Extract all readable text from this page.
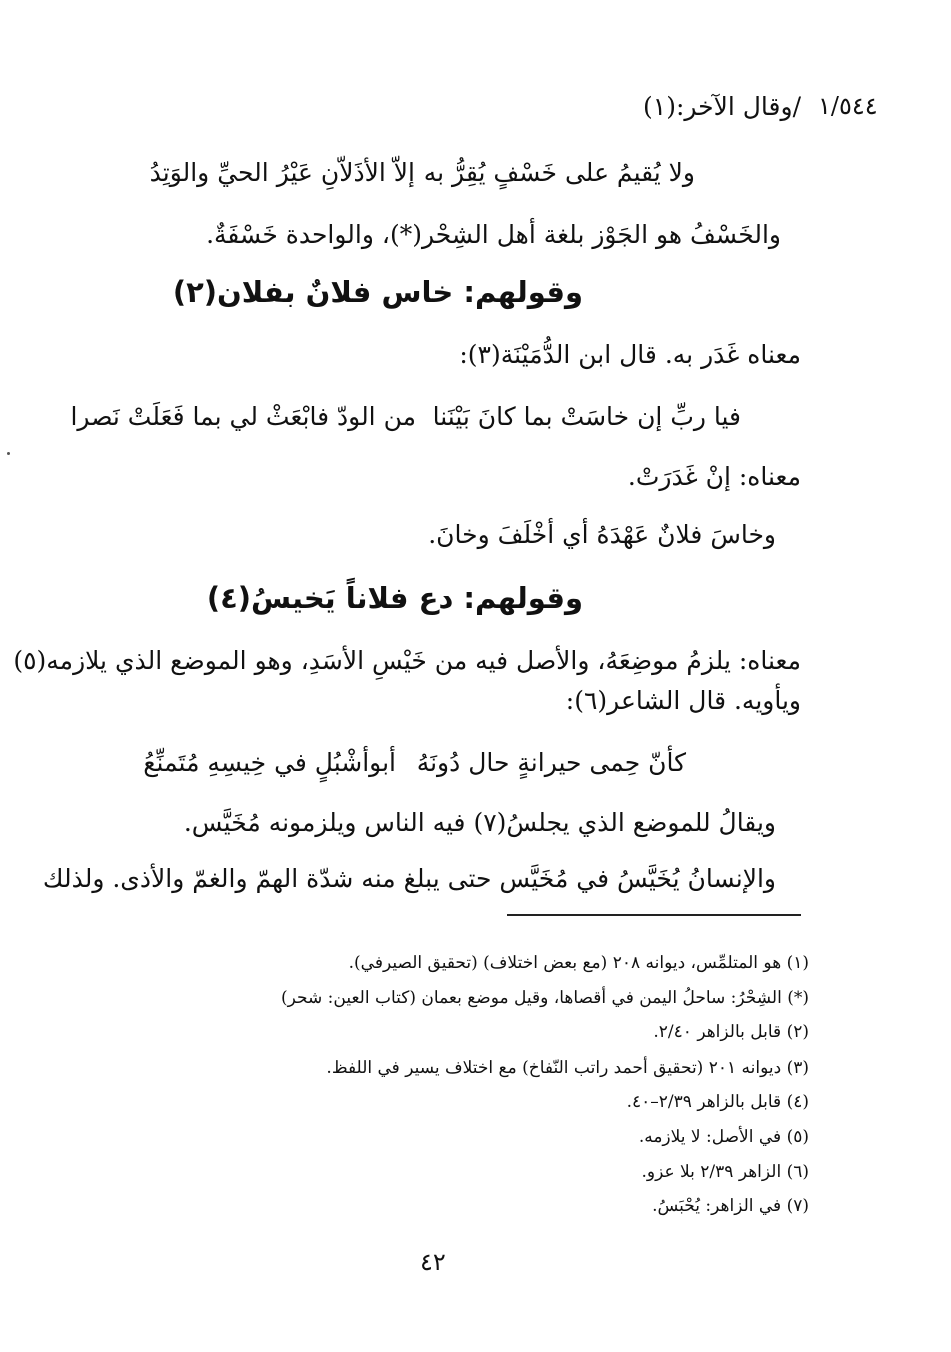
١/٥٤٤
/وقال الآخر:(١)
ولا يُقيمُ على خَسْفٍ يُقِرُّ به
إلاّ الأذَلاّنِ عَيْرُ الحيِّ والوَتِدُ
والخَسْفُ هو الجَوْز بلغة أهل الشِحْر(*)، والواحدة خَسْفَةٌ.
وقولهم: خاس فلانٌ بفلان(٢)
معناه غَدَر به. قال ابن الدُّمَيْنَة(٣):
فيا ربِّ إن خاسَتْ بما كانَ بَيْنَنا
من الودّ فابْعَثْ لي بما فَعَلَتْ نَصرا
معناه: إنْ غَدَرَتْ.
وخاسَ فلانٌ عَهْدَهُ أي أخْلَفَ وخانَ.
وقولهم: دع فلاناً يَخيسُ(٤)
معناه: يلزمُ موضِعَهُ، والأصل فيه من خَيْسِ الأسَدِ، وهو الموضع الذي يلازمه(٥)
ويأويه. قال الشاعر(٦):
كأنّ حِمى حيرانةٍ حال دُونَهُ
أبوأشْبُلٍ في خِيسِهِ مُتَمنِّعُ
ويقالُ للموضع الذي يجلسُ(٧) فيه الناس ويلزمونه مُخَيَّس.
والإنسانُ يُخَيَّسُ في مُخَيَّس حتى يبلغ منه شدّة الهمّ والغمّ والأذى. ولذلك
(١) هو المتلمِّس، ديوانه ٢٠٨ (مع بعض اختلاف) (تحقيق الصيرفي).
(*) الشِحْرُ: ساحلُ اليمن في أقصاها، وقيل موضع بعمان (كتاب العين: شحر)
(٢) قابل بالزاهر ٢/٤٠.
(٣) ديوانه ٢٠١ (تحقيق أحمد راتب النّفاخ) مع اختلاف يسير في اللفظ.
(٤) قابل بالزاهر ٢/٣٩–٤٠.
(٥) في الأصل: لا يلازمه.
(٦) الزاهر ٢/٣٩ بلا عزو.
(٧) في الزاهر: يُحْبَسُ.
٤٢
